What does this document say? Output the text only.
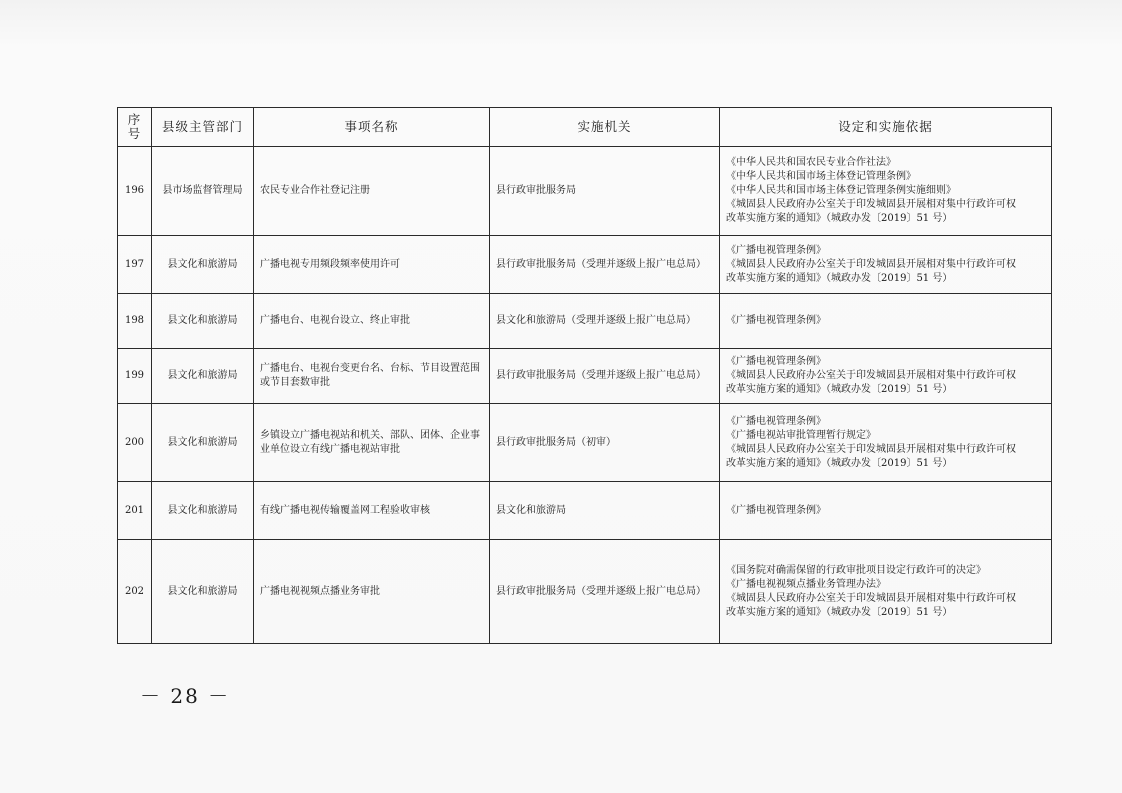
序
号	县级主管部门	事项名称	实施机关	设定和实施依据
196	县市场监督管理局	农民专业合作社登记注册	县行政审批服务局	《中华人民共和国农民专业合作社法》
《中华人民共和国市场主体登记管理条例》
《中华人民共和国市场主体登记管理条例实施细则》
《城固县人民政府办公室关于印发城固县开展相对集中行政许可权
改革实施方案的通知》（城政办发〔2019〕51 号）

197	县文化和旅游局	广播电视专用频段频率使用许可	县行政审批服务局（受理并逐级上报广电总局）	《广播电视管理条例》
《城固县人民政府办公室关于印发城固县开展相对集中行政许可权
改革实施方案的通知》（城政办发〔2019〕51 号）

198	县文化和旅游局	广播电台、电视台设立、终止审批	县文化和旅游局（受理并逐级上报广电总局）	《广播电视管理条例》

199	县文化和旅游局	广播电台、电视台变更台名、台标、节目设置范围或节目套数审批	县行政审批服务局（受理并逐级上报广电总局）	《广播电视管理条例》
《城固县人民政府办公室关于印发城固县开展相对集中行政许可权
改革实施方案的通知》（城政办发〔2019〕51 号）

200	县文化和旅游局	乡镇设立广播电视站和机关、部队、团体、企业事业单位设立有线广播电视站审批	县行政审批服务局（初审）	《广播电视管理条例》
《广播电视站审批管理暂行规定》
《城固县人民政府办公室关于印发城固县开展相对集中行政许可权
改革实施方案的通知》（城政办发〔2019〕51 号）

201	县文化和旅游局	有线广播电视传输覆盖网工程验收审核	县文化和旅游局	《广播电视管理条例》

202	县文化和旅游局	广播电视视频点播业务审批	县行政审批服务局（受理并逐级上报广电总局）	《国务院对确需保留的行政审批项目设定行政许可的决定》
《广播电视视频点播业务管理办法》
《城固县人民政府办公室关于印发城固县开展相对集中行政许可权
改革实施方案的通知》（城政办发〔2019〕51 号）
－ 28 －
